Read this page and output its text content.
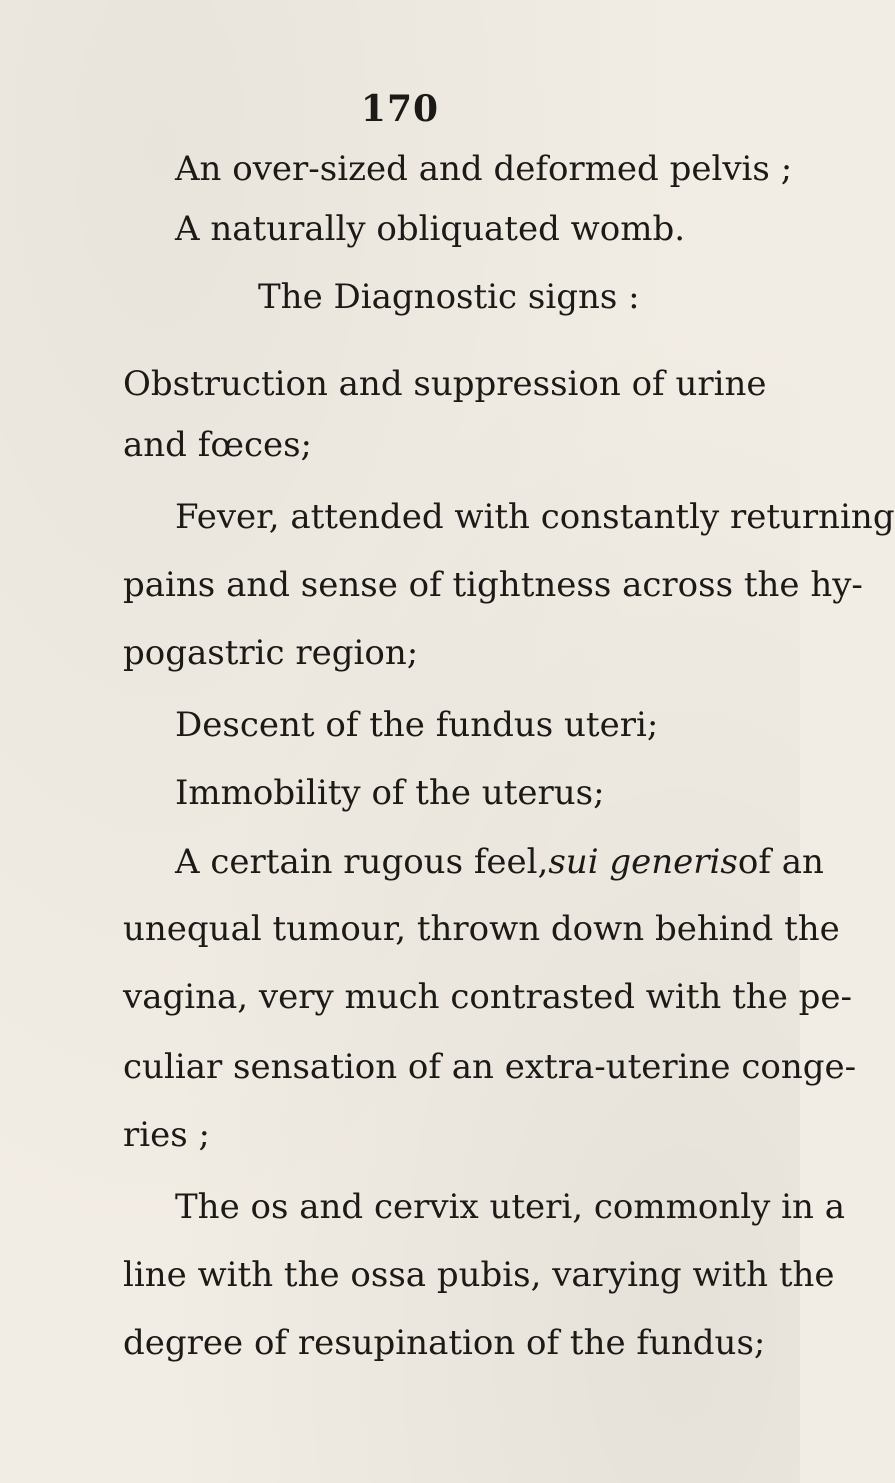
170
An over-sized and deformed pelvis ;
A naturally obliquated womb.
The Diagnostic signs :
Obstruction and suppression of urine
and fœces;
Fever, attended with constantly returning
pains and sense of tightness across the hy-
pogastric region;
Descent of the fundus uteri;
Immobility of the uterus;
A certain rugous feel, sui generis of an
unequal tumour, thrown down behind the
vagina, very much contrasted with the pe-
culiar sensation of an extra-uterine conge-
ries ;
The os and cervix uteri, commonly in a
line with the ossa pubis, varying with the
degree of resupination of the fundus;
